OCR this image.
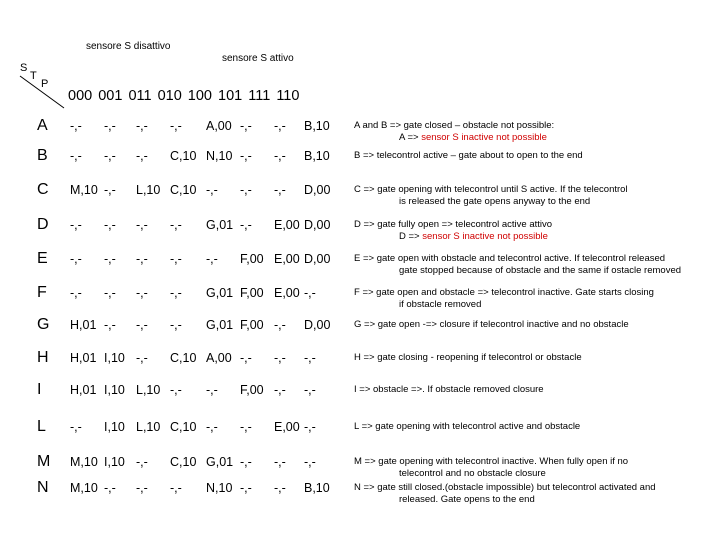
sensore S disattivo
sensore S attivo
S
T
P
000 001 011 010 100 101 111 110
A -,- -,- -,- -,- A,00 -,- -,- B,10	A and B => gate closed – obstacle not possible:
A => sensor S inactive not possible
B -,- -,- -,- C,10 N,10 -,- -,- B,10	B => telecontrol active – gate about to open to the end
C M,10 -,- L,10 C,10 -,- -,- -,- D,00 C => gate opening with telecontrol until S active. If the telecontrol
is released the gate opens anyway to the end
D -,- -,- -,- -,- G,01 -,- E,00 D,00 D => gate fully open => telecontrol active attivo
D => sensor S inactive not possible
E -,- -,- -,- -,- -,- F,00 E,00 D,00 E => gate open with obstacle and telecontrol active. If telecontrol released
gate stopped because of obstacle and the same if ostacle removed
F -,- -,- -,- -,- G,01 F,00 E,00 -,-	F => gate open and obstacle => telecontrol inactive. Gate starts closing
if obstacle removed
G H,01 -,- -,- -,- G,01 F,00 -,- D,00 G => gate open -=> closure if telecontrol inactive and no obstacle
H H,01 I,10 -,- C,10 A,00 -,- -,- -,-	H => gate closing - reopening if telecontrol or obstacle
I H,01 I,10 L,10 -,- -,- F,00 -,- -,-	I => obstacle =>. If obstacle removed closure
L -,- I,10 L,10 C,10 -,- -,- E,00 -,-	L => gate opening with telecontrol active and obstacle
M M,10 I,10 -,- C,10 G,01 -,- -,- -,-	M => gate opening with telecontrol inactive. When fully open if no
telecontrol and no obstacle closure
N M,10 -,- -,- -,- N,10 -,- -,- B,10	N => gate still closed.(obstacle impossible) but telecontrol activated and
released. Gate opens to the end
